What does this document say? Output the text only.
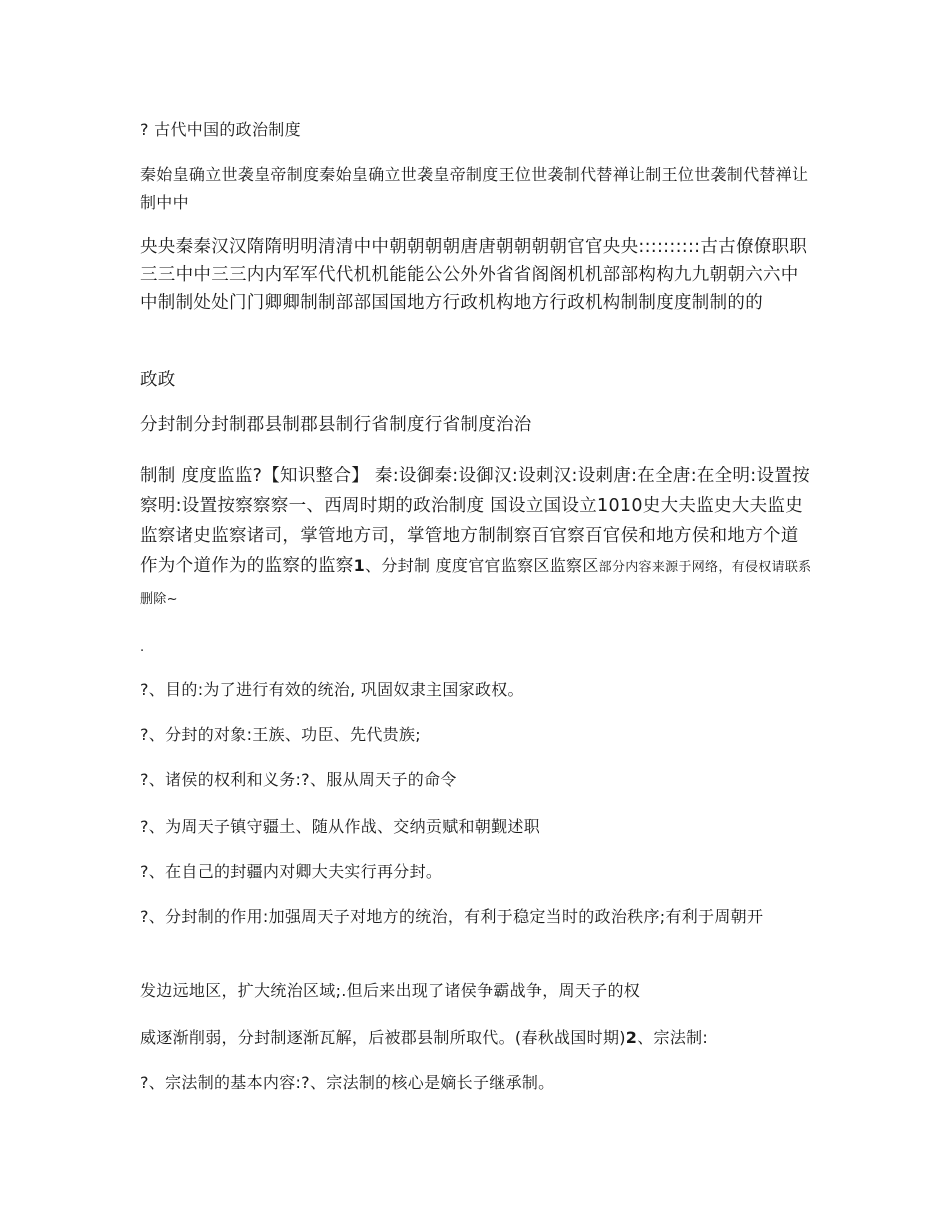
? 古代中国的政治制度

秦始皇确立世袭皇帝制度秦始皇确立世袭皇帝制度王位世袭制代替禅让制王位世袭制代替禅让制中中

央央秦秦汉汉隋隋明明清清中中朝朝朝朝唐唐朝朝朝朝官官央央::::::::::古古僚僚职职三三中中三三内内军军代代机机能能公公外外省省阁阁机机部部构构九九朝朝六六中中制制处处门门卿卿制制部部国国地方行政机构地方行政机构制制度度制制的的

政政

分封制分封制郡县制郡县制行省制度行省制度治治

制制 度度监监?【知识整合】 秦:设御秦:设御汉:设刺汉:设刺唐:在全唐:在全明:设置按察明:设置按察察察一、西周时期的政治制度 国设立国设立1010史大夫监史大夫监史监察诸史监察诸司，掌管地方司，掌管地方制制察百官察百官侯和地方侯和地方个道作为个道作为的监察的监察1、分封制 度度官官监察区监察区部分内容来源于网络，有侵权请联系删除~

.

?、目的:为了进行有效的统治, 巩固奴隶主国家政权。

?、分封的对象:王族、功臣、先代贵族;

?、诸侯的权利和义务:?、服从周天子的命令

?、为周天子镇守疆土、随从作战、交纳贡赋和朝觐述职

?、在自己的封疆内对卿大夫实行再分封。

?、分封制的作用:加强周天子对地方的统治，有利于稳定当时的政治秩序;有利于周朝开

发边远地区，扩大统治区域;.但后来出现了诸侯争霸战争，周天子的权

威逐渐削弱，分封制逐渐瓦解，后被郡县制所取代。(春秋战国时期)2、宗法制:

?、宗法制的基本内容:?、宗法制的核心是嫡长子继承制。
